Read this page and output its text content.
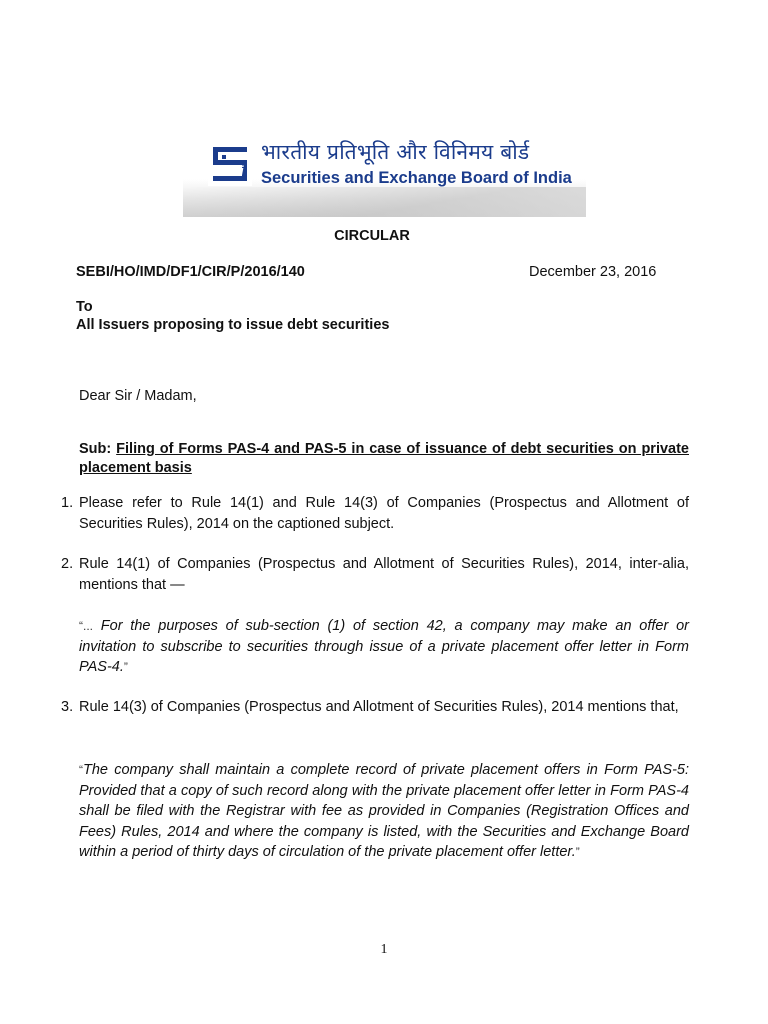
bi
भारतीय प्रतिभूति और विनिमय बोर्ड
Securities and Exchange Board of India
CIRCULAR
SEBI/HO/IMD/DF1/CIR/P/2016/140	December 23, 2016
To
All Issuers proposing to issue debt securities
Dear Sir / Madam,
Sub: Filing of Forms PAS-4 and PAS-5 in case of issuance of debt securities on private placement basis
1. Please refer to Rule 14(1) and Rule 14(3) of Companies (Prospectus and Allotment of Securities Rules), 2014 on the captioned subject.
2. Rule 14(1) of Companies (Prospectus and Allotment of Securities Rules), 2014, inter-alia, mentions that —
“... For the purposes of sub-section (1) of section 42, a company may make an offer or invitation to subscribe to securities through issue of a private placement offer letter in Form PAS-4.”
3. Rule 14(3) of Companies (Prospectus and Allotment of Securities Rules), 2014 mentions that,
“The company shall maintain a complete record of private placement offers in Form PAS-5: Provided that a copy of such record along with the private placement offer letter in Form PAS-4 shall be filed with the Registrar with fee as provided in Companies (Registration Offices and Fees) Rules, 2014 and where the company is listed, with the Securities and Exchange Board within a period of thirty days of circulation of the private placement offer letter.”
1
